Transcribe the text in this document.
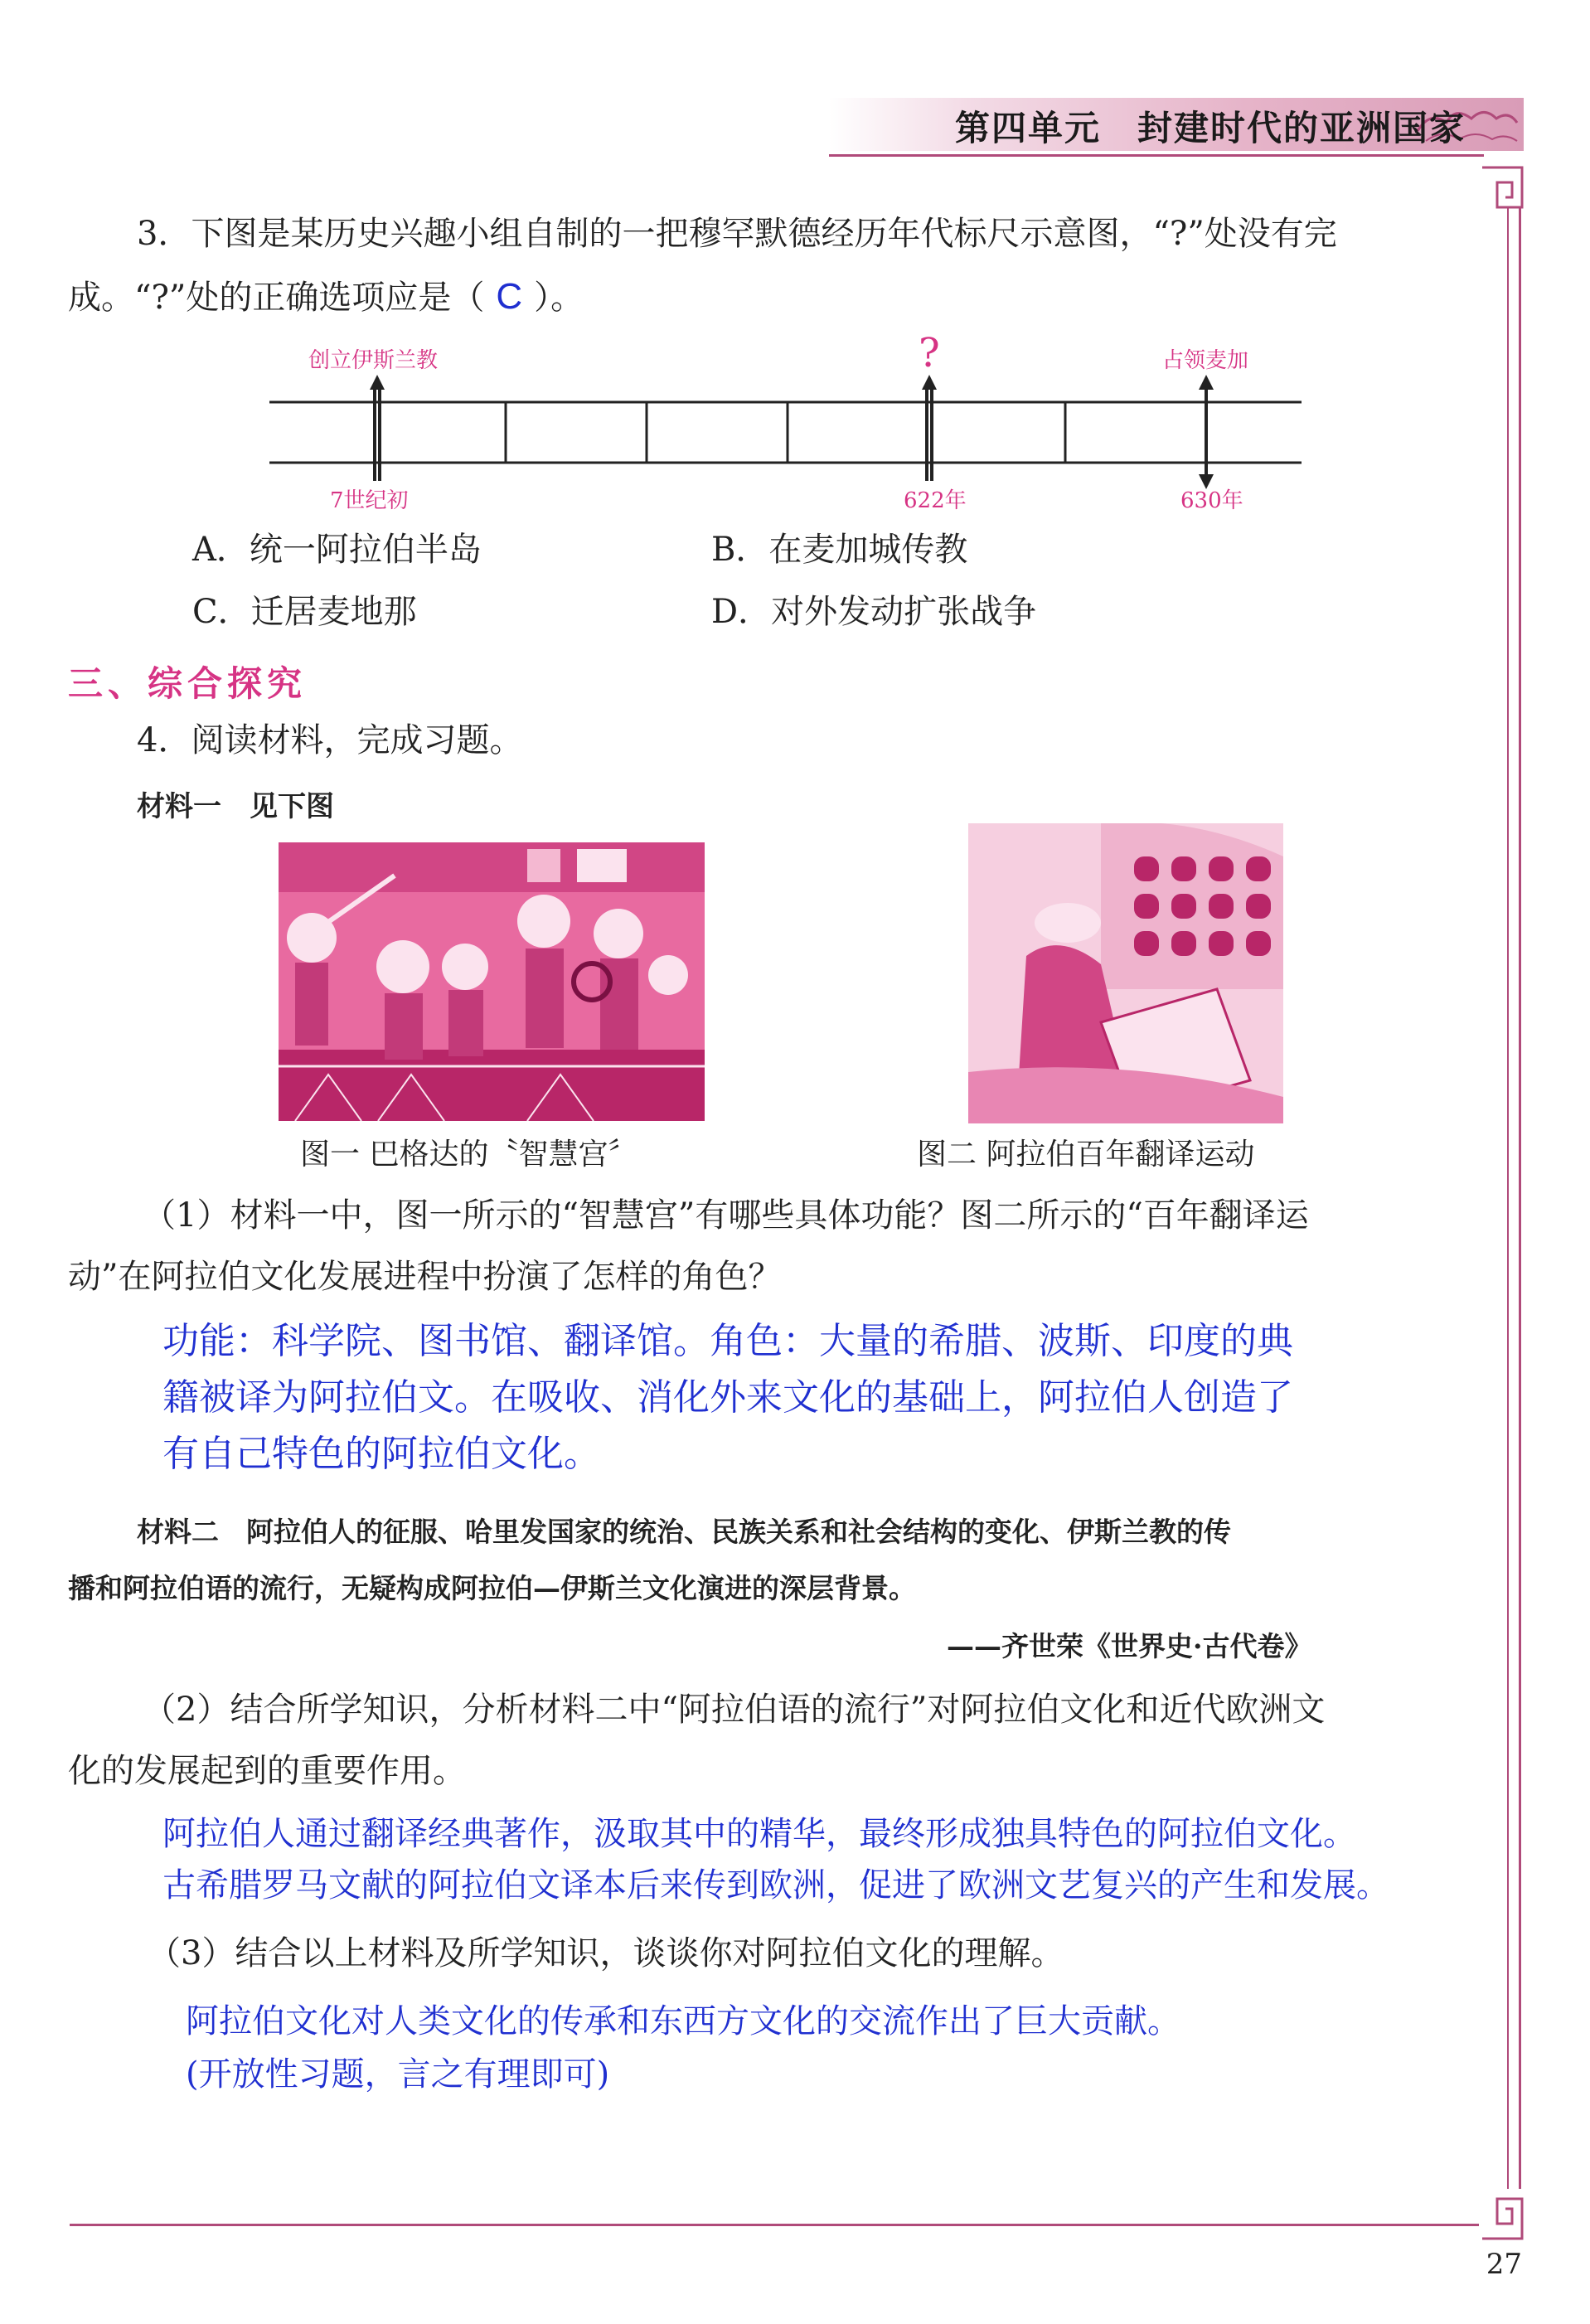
第四单元　封建时代的亚洲国家
3．下图是某历史兴趣小组自制的一把穆罕默德经历年代标尺示意图，“?”处没有完
成。“?”处的正确选项应是（ C ）。
创立伊斯兰教	?	占领麦加
7世纪初	622年	630年
A．统一阿拉伯半岛	B．在麦加城传教
C．迁居麦地那	D．对外发动扩张战争
三、综合探究
4．阅读材料，完成习题。
材料一　见下图
图一 巴格达的〝智慧宫〞	图二 阿拉伯百年翻译运动
（1）材料一中，图一所示的“智慧宫”有哪些具体功能？图二所示的“百年翻译运
动”在阿拉伯文化发展进程中扮演了怎样的角色？
功能：科学院、图书馆、翻译馆。角色：大量的希腊、波斯、印度的典
籍被译为阿拉伯文。在吸收、消化外来文化的基础上，阿拉伯人创造了
有自己特色的阿拉伯文化。
材料二　阿拉伯人的征服、哈里发国家的统治、民族关系和社会结构的变化、伊斯兰教的传
播和阿拉伯语的流行，无疑构成阿拉伯—伊斯兰文化演进的深层背景。
——齐世荣《世界史·古代卷》
（2）结合所学知识，分析材料二中“阿拉伯语的流行”对阿拉伯文化和近代欧洲文
化的发展起到的重要作用。
阿拉伯人通过翻译经典著作，汲取其中的精华，最终形成独具特色的阿拉伯文化。
古希腊罗马文献的阿拉伯文译本后来传到欧洲，促进了欧洲文艺复兴的产生和发展。
（3）结合以上材料及所学知识，谈谈你对阿拉伯文化的理解。
阿拉伯文化对人类文化的传承和东西方文化的交流作出了巨大贡献。
(开放性习题，言之有理即可)
27
